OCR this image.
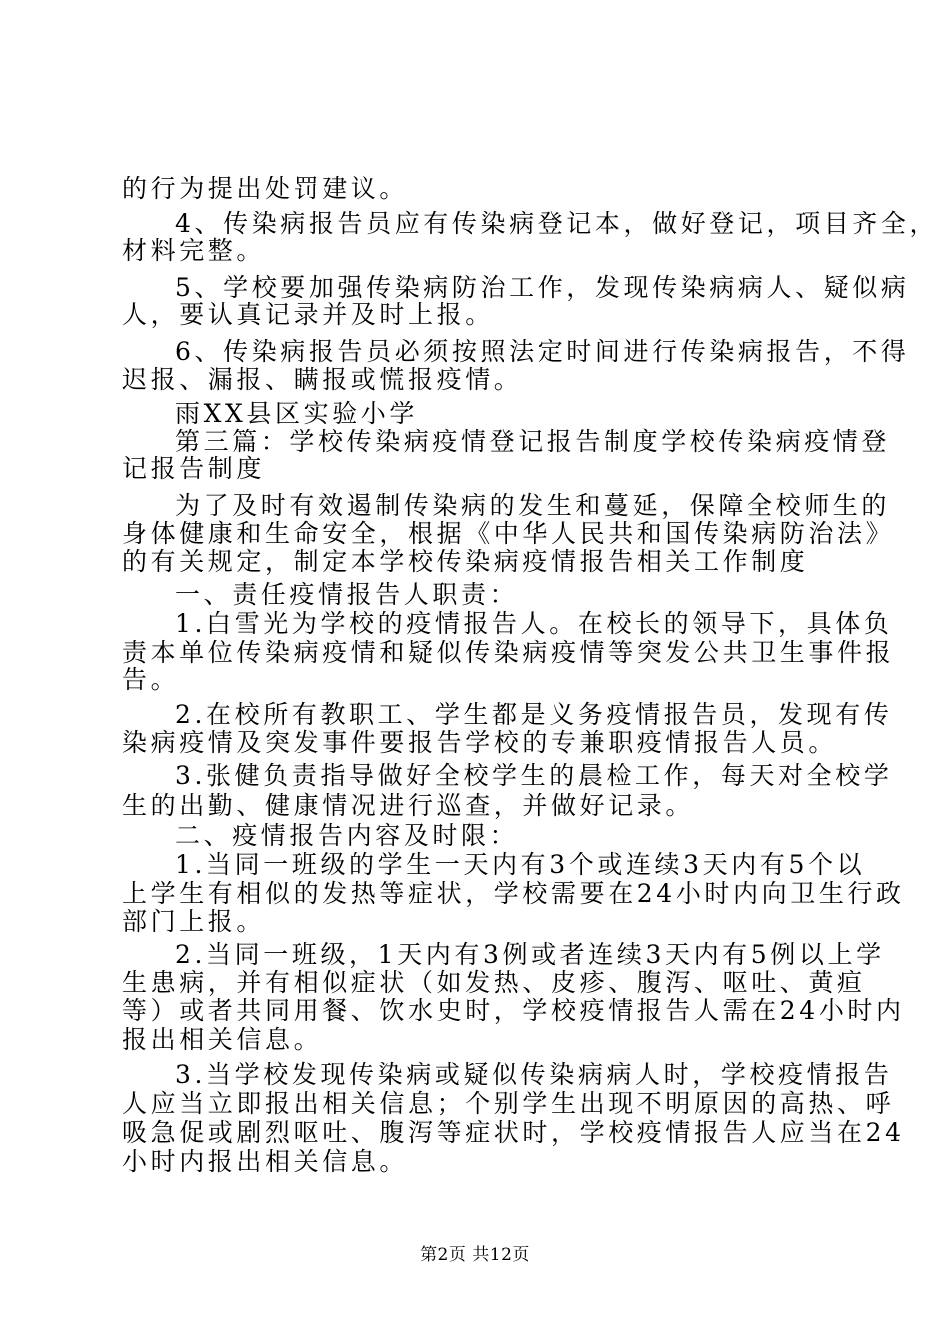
的行为提出处罚建议。
4、传染病报告员应有传染病登记本，做好登记，项目齐全，
材料完整。
5、学校要加强传染病防治工作，发现传染病病人、疑似病
人，要认真记录并及时上报。
6、传染病报告员必须按照法定时间进行传染病报告，不得
迟报、漏报、瞒报或慌报疫情。
雨XX县区实验小学
第三篇：学校传染病疫情登记报告制度学校传染病疫情登
记报告制度
为了及时有效遏制传染病的发生和蔓延，保障全校师生的
身体健康和生命安全，根据《中华人民共和国传染病防治法》
的有关规定，制定本学校传染病疫情报告相关工作制度
一、责任疫情报告人职责：
1.白雪光为学校的疫情报告人。在校长的领导下，具体负
责本单位传染病疫情和疑似传染病疫情等突发公共卫生事件报
告。
2.在校所有教职工、学生都是义务疫情报告员，发现有传
染病疫情及突发事件要报告学校的专兼职疫情报告人员。
3.张健负责指导做好全校学生的晨检工作，每天对全校学
生的出勤、健康情况进行巡查，并做好记录。
二、疫情报告内容及时限：
1.当同一班级的学生一天内有3个或连续3天内有5个以
上学生有相似的发热等症状，学校需要在24小时内向卫生行政
部门上报。
2.当同一班级，1天内有3例或者连续3天内有5例以上学
生患病，并有相似症状（如发热、皮疹、腹泻、呕吐、黄疸
等）或者共同用餐、饮水史时，学校疫情报告人需在24小时内
报出相关信息。
3.当学校发现传染病或疑似传染病病人时，学校疫情报告
人应当立即报出相关信息；个别学生出现不明原因的高热、呼
吸急促或剧烈呕吐、腹泻等症状时，学校疫情报告人应当在24
小时内报出相关信息。
第2页 共12页
